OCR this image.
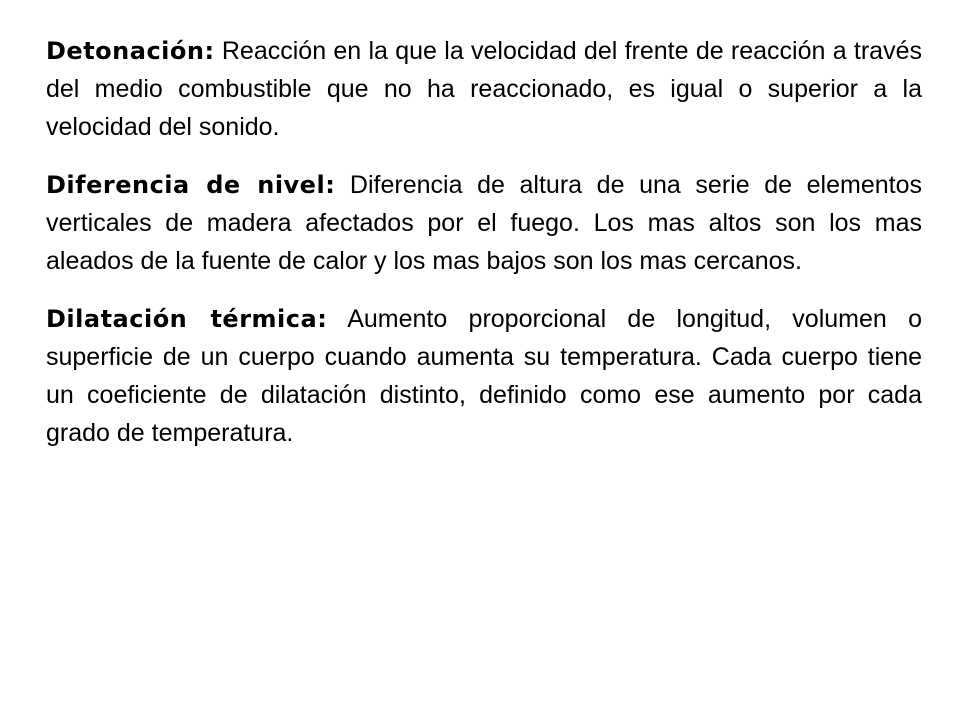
Detonación: Reacción en la que la velocidad del frente de reacción a través del medio combustible que no ha reaccionado, es igual o superior a la velocidad del sonido.

Diferencia de nivel: Diferencia de altura de una serie de elementos verticales de madera afectados por el fuego. Los mas altos son los mas aleados de la fuente de calor y los mas bajos son los mas cercanos.

Dilatación térmica: Aumento proporcional de longitud, volumen o superficie de un cuerpo cuando aumenta su temperatura. Cada cuerpo tiene un coeficiente de dilatación distinto, definido como ese aumento por cada grado de temperatura.
